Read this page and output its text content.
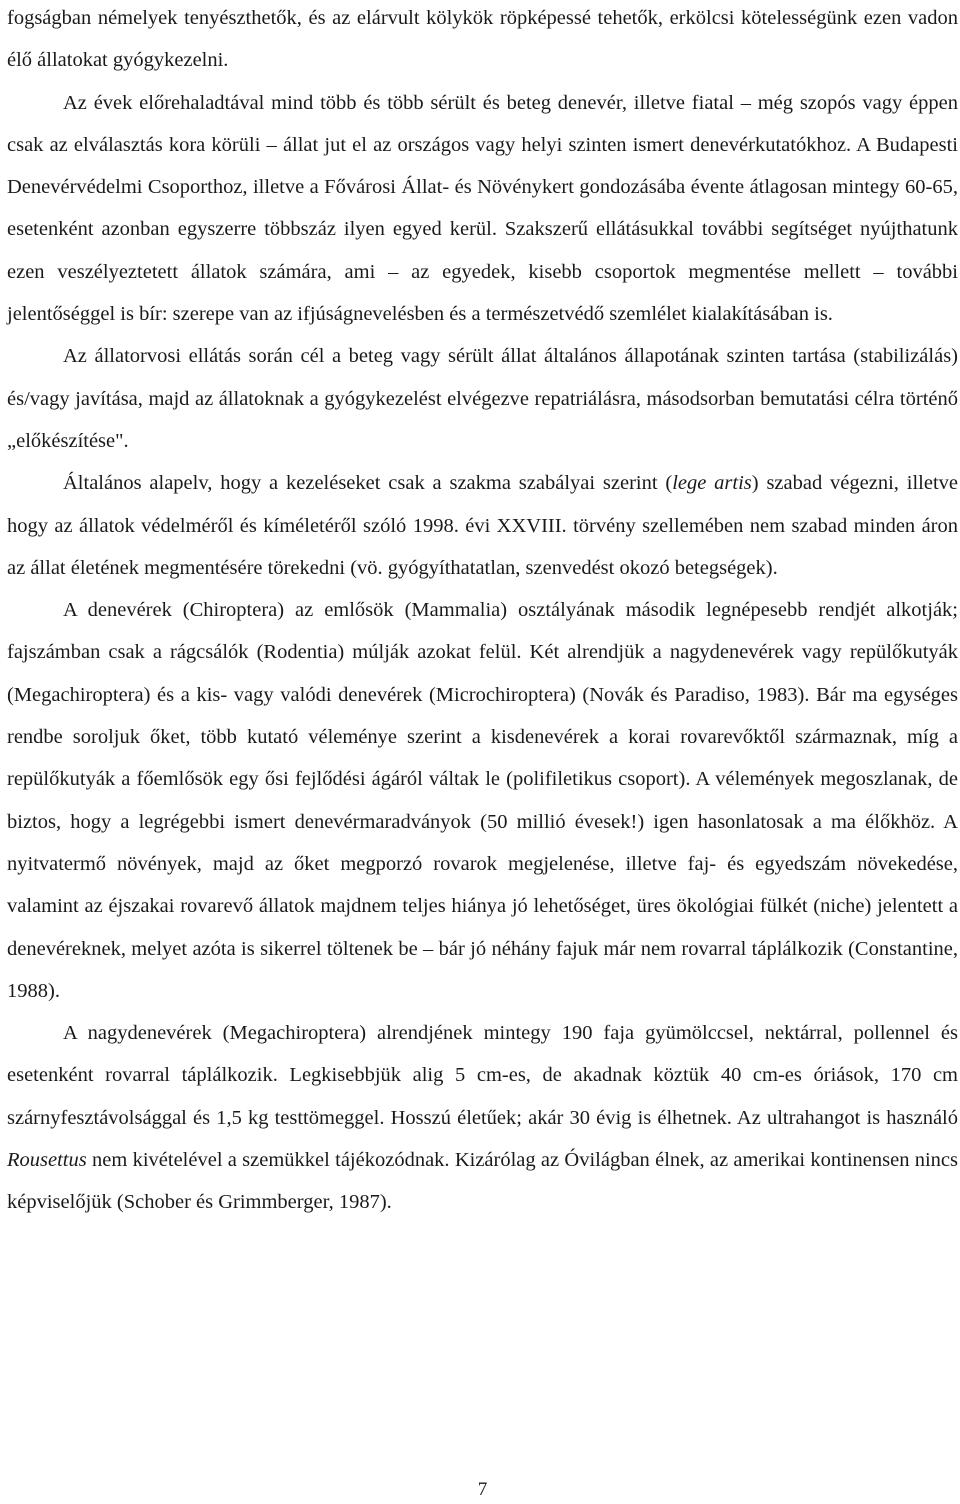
fogságban némelyek tenyészthetők, és az elárvult kölykök röpképessé tehetők, erkölcsi kötelességünk ezen vadon élő állatokat gyógykezelni.

Az évek előrehaladtával mind több és több sérült és beteg denevér, illetve fiatal – még szopós vagy éppen csak az elválasztás kora körüli – állat jut el az országos vagy helyi szinten ismert denevérkutatókhoz. A Budapesti Denevérvédelmi Csoporthoz, illetve a Fővárosi Állat- és Növénykert gondozásába évente átlagosan mintegy 60-65, esetenként azonban egyszerre többszáz ilyen egyed kerül. Szakszerű ellátásukkal további segítséget nyújthatunk ezen veszélyeztetett állatok számára, ami – az egyedek, kisebb csoportok megmentése mellett – további jelentőséggel is bír: szerepe van az ifjúságnevelésben és a természetvédő szemlélet kialakításában is.

Az állatorvosi ellátás során cél a beteg vagy sérült állat általános állapotának szinten tartása (stabilizálás) és/vagy javítása, majd az állatoknak a gyógykezelést elvégezve repatriálásra, másodsorban bemutatási célra történő „előkészítése".

Általános alapelv, hogy a kezeléseket csak a szakma szabályai szerint (lege artis) szabad végezni, illetve hogy az állatok védelméről és kíméletéről szóló 1998. évi XXVIII. törvény szellemében nem szabad minden áron az állat életének megmentésére törekedni (vö. gyógyíthatatlan, szenvedést okozó betegségek).

A denevérek (Chiroptera) az emlősök (Mammalia) osztályának második legnépesebb rendjét alkotják; fajszámban csak a rágcsálók (Rodentia) múlják azokat felül. Két alrendjük a nagydenevérek vagy repülőkutyák (Megachiroptera) és a kis- vagy valódi denevérek (Microchiroptera) (Novák és Paradiso, 1983). Bár ma egységes rendbe soroljuk őket, több kutató véleménye szerint a kisdenevérek a korai rovarevőktől származnak, míg a repülőkutyák a főemlősök egy ősi fejlődési ágáról váltak le (polifiletikus csoport). A vélemények megoszlanak, de biztos, hogy a legrégebbi ismert denevérmaradványok (50 millió évesek!) igen hasonlatosak a ma élőkhöz. A nyitvatermő növények, majd az őket megporzó rovarok megjelenése, illetve faj- és egyedszám növekedése, valamint az éjszakai rovarevő állatok majdnem teljes hiánya jó lehetőséget, üres ökológiai fülkét (niche) jelentett a denevéreknek, melyet azóta is sikerrel töltenek be – bár jó néhány fajuk már nem rovarral táplálkozik (Constantine, 1988).

A nagydenevérek (Megachiroptera) alrendjének mintegy 190 faja gyümölccsel, nektárral, pollennel és esetenként rovarral táplálkozik. Legkisebbjük alig 5 cm-es, de akadnak köztük 40 cm-es óriások, 170 cm szárnyfesztávolsággal és 1,5 kg testtömeggel. Hosszú életűek; akár 30 évig is élhetnek. Az ultrahangot is használó Rousettus nem kivételével a szemükkel tájékozódnak. Kizárólag az Óvilágban élnek, az amerikai kontinensen nincs képviselőjük (Schober és Grimmberger, 1987).

7
